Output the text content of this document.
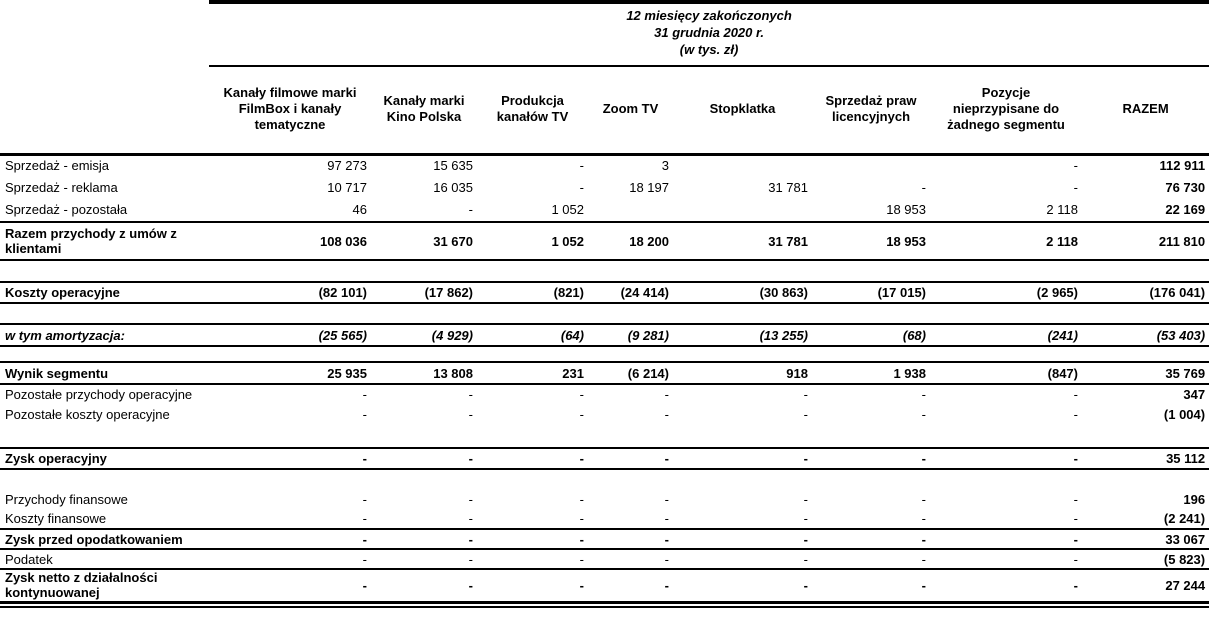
	12 miesięcy zakończonych
31 grudnia 2020 r.
(w tys. zł)							

	Kanały filmowe marki FilmBox i kanały tematyczne	Kanały marki Kino Polska	Produkcja kanałów TV	Zoom TV	Stopklatka	Sprzedaż praw licencyjnych	Pozycje nieprzypisane do żadnego segmentu	RAZEM
Sprzedaż - emisja	97 273	15 635	-	3			-	112 911
Sprzedaż - reklama	10 717	16 035	-	18 197	31 781	-	-	76 730
Sprzedaż - pozostała	46	-	1 052			18 953	2 118	22 169
Razem przychody z umów z klientami	108 036	31 670	1 052	18 200	31 781	18 953	2 118	211 810

Koszty operacyjne	(82 101)	(17 862)	(821)	(24 414)	(30 863)	(17 015)	(2 965)	(176 041)

w tym amortyzacja:	(25 565)	(4 929)	(64)	(9 281)	(13 255)	(68)	(241)	(53 403)

Wynik segmentu	25 935	13 808	231	(6 214)	918	1 938	(847)	35 769
Pozostałe przychody operacyjne	-	-	-	-	-	-	-	347
Pozostałe koszty operacyjne	-	-	-	-	-	-	-	(1 004)

Zysk operacyjny	-	-	-	-	-	-	-	35 112

Przychody finansowe	-	-	-	-	-	-	-	196
Koszty finansowe	-	-	-	-	-	-	-	(2 241)
Zysk przed opodatkowaniem	-	-	-	-	-	-	-	33 067
Podatek	-	-	-	-	-	-	-	(5 823)
Zysk netto z działalności kontynuowanej	-	-	-	-	-	-	-	27 244
